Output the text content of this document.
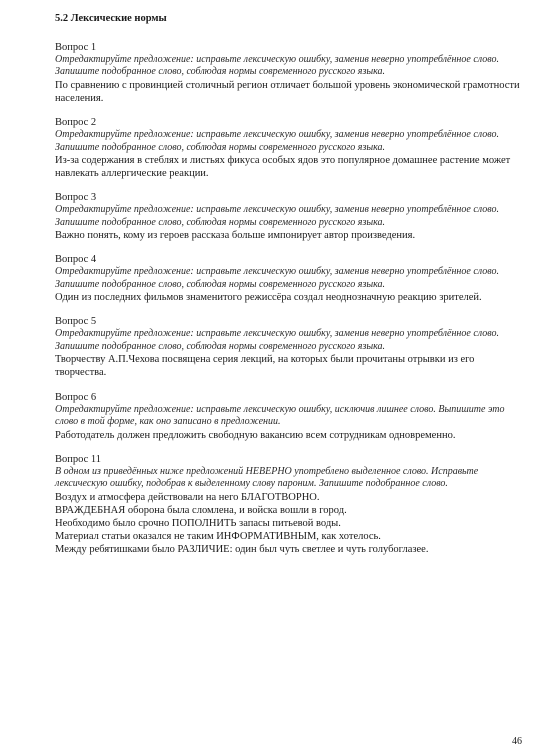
5.2 Лексические нормы

Вопрос 1

Отредактируйте предложение: исправьте лексическую ошибку, заменив неверно употреблённое слово. Запишите подобранное слово, соблюдая нормы современного русского языка.

По сравнению с провинцией столичный регион отличает большой уровень экономической грамотности населения.

Вопрос 2

Отредактируйте предложение: исправьте лексическую ошибку, заменив неверно употреблённое слово. Запишите подобранное слово, соблюдая нормы современного русского языка.

Из-за содержания в стеблях и листьях фикуса особых ядов это популярное домашнее растение может навлекать аллергические реакции.

Вопрос 3

Отредактируйте предложение: исправьте лексическую ошибку, заменив неверно употреблённое слово. Запишите подобранное слово, соблюдая нормы современного русского языка.

Важно понять, кому из героев рассказа больше импонирует автор произведения.

Вопрос 4

Отредактируйте предложение: исправьте лексическую ошибку, заменив неверно употреблённое слово. Запишите подобранное слово, соблюдая нормы современного русского языка.

Один из последних фильмов знаменитого режиссёра создал неоднозначную реакцию зрителей.

Вопрос 5

Отредактируйте предложение: исправьте лексическую ошибку, заменив неверно употреблённое слово. Запишите подобранное слово, соблюдая нормы современного русского языка.

Творчеству А.П.Чехова посвящена серия лекций, на которых были прочитаны отрывки из его творчества.

Вопрос 6

Отредактируйте предложение: исправьте лексическую ошибку, исключив лишнее слово. Выпишите это слово в той форме, как оно записано в предложении.

Работодатель должен предложить свободную вакансию всем сотрудникам одновременно.

Вопрос 11

В одном из приведённых ниже предложений НЕВЕРНО употреблено выделенное слово. Исправьте лексическую ошибку, подобрав к выделенному слову пароним. Запишите подобранное слово.

Воздух и атмосфера действовали на него БЛАГОТВОРНО.

ВРАЖДЕБНАЯ оборона была сломлена, и войска вошли в город.

Необходимо было срочно ПОПОЛНИТЬ запасы питьевой воды.

Материал статьи оказался не таким ИНФОРМАТИВНЫМ, как хотелось.

Между ребятишками было РАЗЛИЧИЕ: один был чуть светлее и чуть голубоглазее.

46
